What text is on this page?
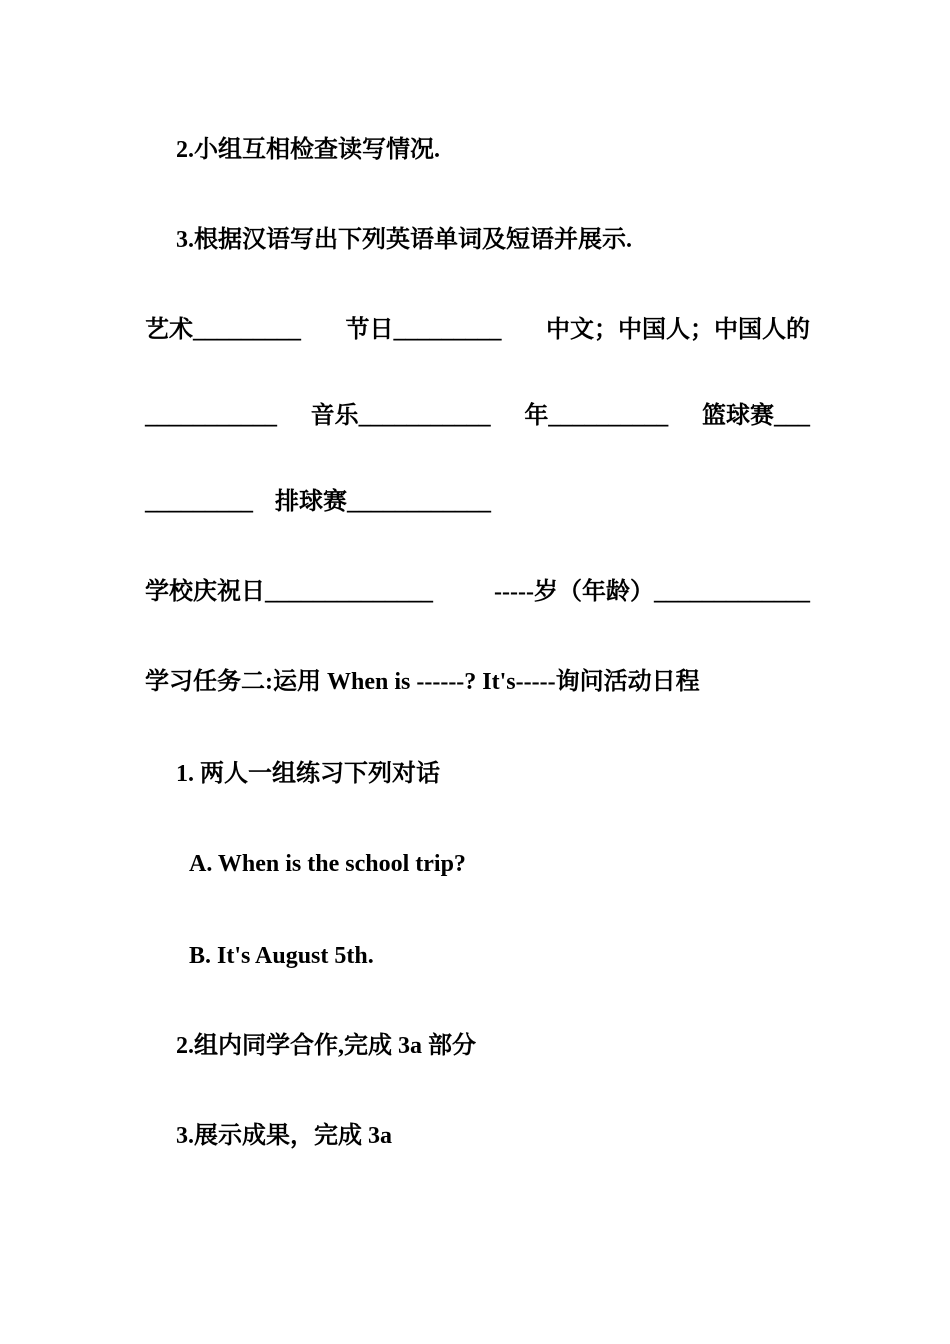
2.小组互相检查读写情况.
3.根据汉语写出下列英语单词及短语并展示.
艺术_________ 节日_________ 中文；中国人；中国人的
___________ 音乐___________ 年__________ 篮球赛___
_________ 排球赛____________
学校庆祝日______________	-----岁（年龄）_____________
学习任务二:运用 When is ------? It's-----询问活动日程
1. 两人一组练习下列对话
A. When is the school trip?
B. It's August 5th.
2.组内同学合作,完成 3a 部分
3.展示成果，完成 3a
